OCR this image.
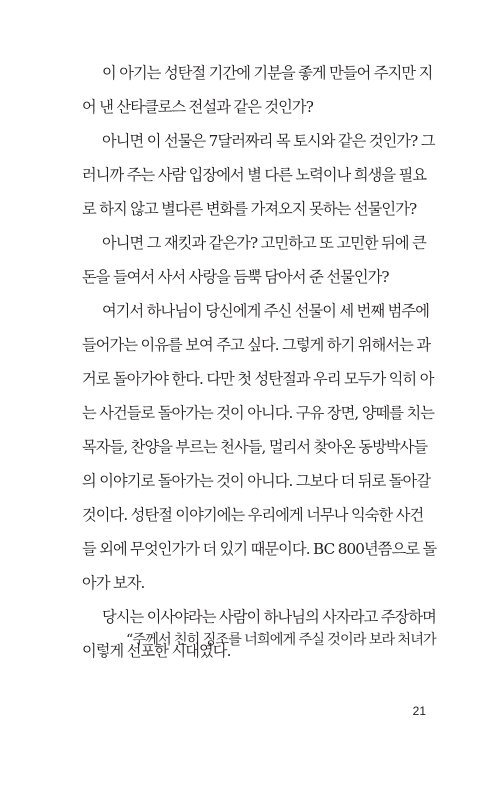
이 아기는 성탄절 기간에 기분을 좋게 만들어 주지만 지
어 낸 산타클로스 전설과 같은 것인가?

아니면 이 선물은 7달러짜리 목 토시와 같은 것인가? 그
러니까 주는 사람 입장에서 별 다른 노력이나 희생을 필요
로 하지 않고 별다른 변화를 가져오지 못하는 선물인가?

아니면 그 재킷과 같은가? 고민하고 또 고민한 뒤에 큰
돈을 들여서 사서 사랑을 듬뿍 담아서 준 선물인가?

여기서 하나님이 당신에게 주신 선물이 세 번째 범주에
들어가는 이유를 보여 주고 싶다. 그렇게 하기 위해서는 과
거로 돌아가야 한다. 다만 첫 성탄절과 우리 모두가 익히 아
는 사건들로 돌아가는 것이 아니다. 구유 장면, 양떼를 치는
목자들, 찬양을 부르는 천사들, 멀리서 찾아온 동방박사들
의 이야기로 돌아가는 것이 아니다. 그보다 더 뒤로 돌아갈
것이다. 성탄절 이야기에는 우리에게 너무나 익숙한 사건
들 외에 무엇인가가 더 있기 때문이다. BC 800년쯤으로 돌
아가 보자.

당시는 이사야라는 사람이 하나님의 사자라고 주장하며
이렇게 선포한 시대였다.

“주께서 친히 징조를 너희에게 주실 것이라 보라 처녀가
21
